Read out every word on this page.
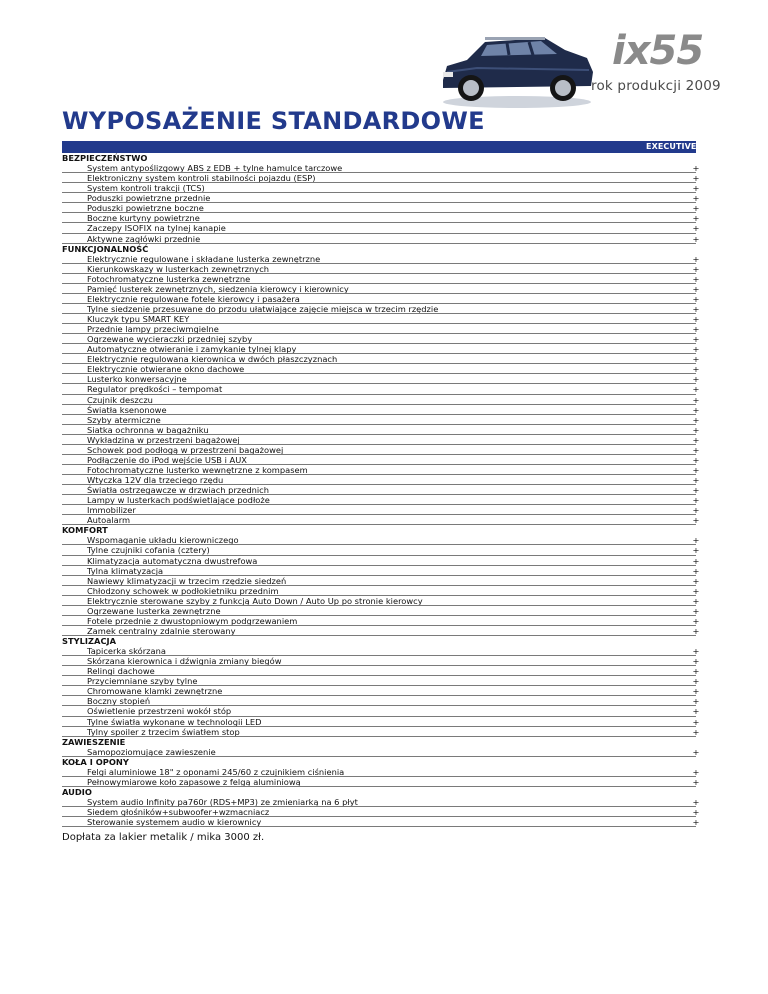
ix55
rok produkcji 2009
WYPOSAŻENIE STANDARDOWE
EXECUTIVE A/T
BEZPIECZEŃSTWO
System antypoślizgowy ABS z EDB + tylne hamulce tarczowe	+
Elektroniczny system kontroli stabilności pojazdu (ESP)	+
System kontroli trakcji (TCS)	+
Poduszki powietrzne przednie	+
Poduszki powietrzne boczne	+
Boczne kurtyny powietrzne	+
Zaczepy ISOFIX na tylnej kanapie	+
Aktywne zagłówki przednie	+
FUNKCJONALNOŚĆ
Elektrycznie regulowane i składane lusterka zewnętrzne	+
Kierunkowskazy w lusterkach zewnętrznych	+
Fotochromatyczne lusterka zewnętrzne	+
Pamięć lusterek zewnętrznych, siedzenia kierowcy i kierownicy	+
Elektrycznie regulowane fotele kierowcy i pasażera	+
Tylne siedzenie przesuwane do przodu ułatwiające zajęcie miejsca w trzecim rzędzie	+
Kluczyk typu SMART KEY	+
Przednie lampy przeciwmgielne	+
Ogrzewane wycieraczki przedniej szyby	+
Automatyczne otwieranie i zamykanie tylnej klapy	+
Elektrycznie regulowana kierownica w dwóch płaszczyznach	+
Elektrycznie otwierane okno dachowe	+
Lusterko konwersacyjne	+
Regulator prędkości – tempomat	+
Czujnik deszczu	+
Światła ksenonowe	+
Szyby atermiczne	+
Siatka ochronna w bagażniku	+
Wykładzina w przestrzeni bagażowej	+
Schowek pod podłogą w przestrzeni bagażowej	+
Podłączenie do iPod wejście USB i AUX	+
Fotochromatyczne lusterko wewnętrzne z kompasem	+
Wtyczka 12V dla trzeciego rzędu	+
Światła ostrzegawcze w drzwiach przednich	+
Lampy w lusterkach podświetlające podłoże	+
Immobilizer	+
Autoalarm	+
KOMFORT
Wspomaganie układu kierowniczego	+
Tylne czujniki cofania (cztery)	+
Klimatyzacja automatyczna dwustrefowa	+
Tylna klimatyzacja	+
Nawiewy klimatyzacji w trzecim rzędzie siedzeń	+
Chłodzony schowek w podłokietniku przednim	+
Elektrycznie sterowane szyby z funkcją Auto Down / Auto Up po stronie kierowcy	+
Ogrzewane lusterka zewnętrzne	+
Fotele przednie z dwustopniowym podgrzewaniem	+
Zamek centralny zdalnie sterowany	+
STYLIZACJA
Tapicerka skórzana	+
Skórzana kierownica i dźwignia zmiany biegów	+
Relingi dachowe	+
Przyciemniane szyby tylne	+
Chromowane klamki zewnętrzne	+
Boczny stopień	+
Oświetlenie przestrzeni wokół stóp	+
Tylne światła wykonane w technologii LED	+
Tylny spoiler z trzecim światłem stop	+
ZAWIESZENIE
Samopoziomujące zawieszenie	+
KOŁA I OPONY
Felgi aluminiowe 18" z oponami 245/60 z czujnikiem ciśnienia	+
Pełnowymiarowe koło zapasowe z felgą aluminiową	+
AUDIO
System audio Infinity pa760r (RDS+MP3) ze zmieniarką na 6 płyt	+
Siedem głośników+subwoofer+wzmacniacz	+
Sterowanie systemem audio w kierownicy	+
Dopłata za lakier metalik / mika 3000 zł.
